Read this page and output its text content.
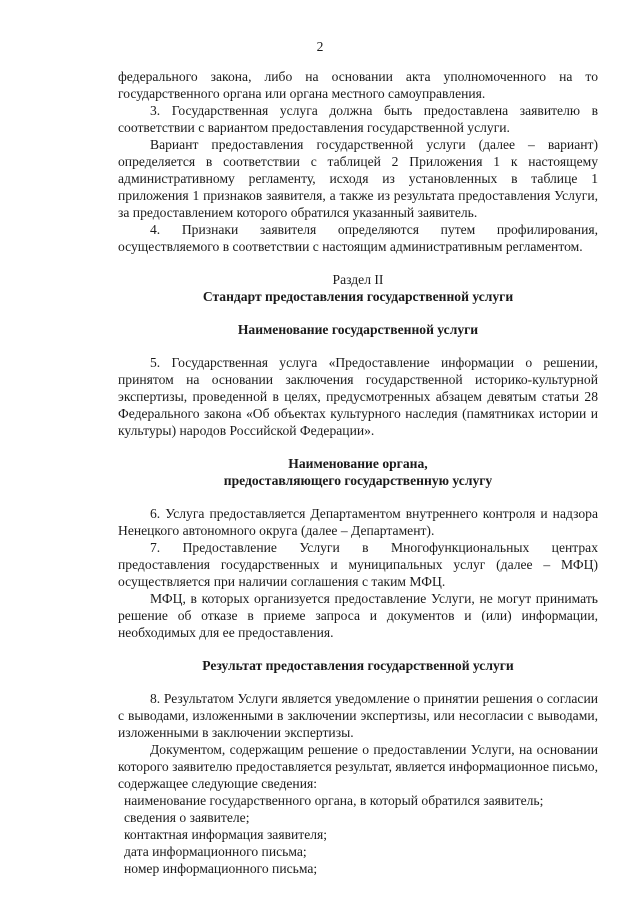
2

федерального закона, либо на основании акта уполномоченного на то государственного органа или органа местного самоуправления.

3. Государственная услуга должна быть предоставлена заявителю в соответствии с вариантом предоставления государственной услуги.

Вариант предоставления государственной услуги (далее – вариант) определяется в соответствии с таблицей 2 Приложения 1 к настоящему административному регламенту, исходя из установленных в таблице 1 приложения 1 признаков заявителя, а также из результата предоставления Услуги, за предоставлением которого обратился указанный заявитель.

4. Признаки заявителя определяются путем профилирования, осуществляемого в соответствии с настоящим административным регламентом.

Раздел II

Стандарт предоставления государственной услуги

Наименование государственной услуги

5. Государственная услуга «Предоставление информации о решении, принятом на основании заключения государственной историко-культурной экспертизы, проведенной в целях, предусмотренных абзацем девятым статьи 28 Федерального закона «Об объектах культурного наследия (памятниках истории и культуры) народов Российской Федерации».

Наименование органа,

предоставляющего государственную услугу

6. Услуга предоставляется Департаментом внутреннего контроля и надзора Ненецкого автономного округа (далее – Департамент).

7. Предоставление Услуги в Многофункциональных центрах предоставления государственных и муниципальных услуг (далее – МФЦ) осуществляется при наличии соглашения с таким МФЦ.

МФЦ, в которых организуется предоставление Услуги, не могут принимать решение об отказе в приеме запроса и документов и (или) информации, необходимых для ее предоставления.

Результат предоставления государственной услуги

8. Результатом Услуги является уведомление о принятии решения о согласии с выводами, изложенными в заключении экспертизы, или несогласии с выводами, изложенными в заключении экспертизы.

Документом, содержащим решение о предоставлении Услуги, на основании которого заявителю предоставляется результат, является информационное письмо, содержащее следующие сведения:

наименование государственного органа, в который обратился заявитель;

сведения о заявителе;

контактная информация заявителя;

дата информационного письма;

номер информационного письма;
